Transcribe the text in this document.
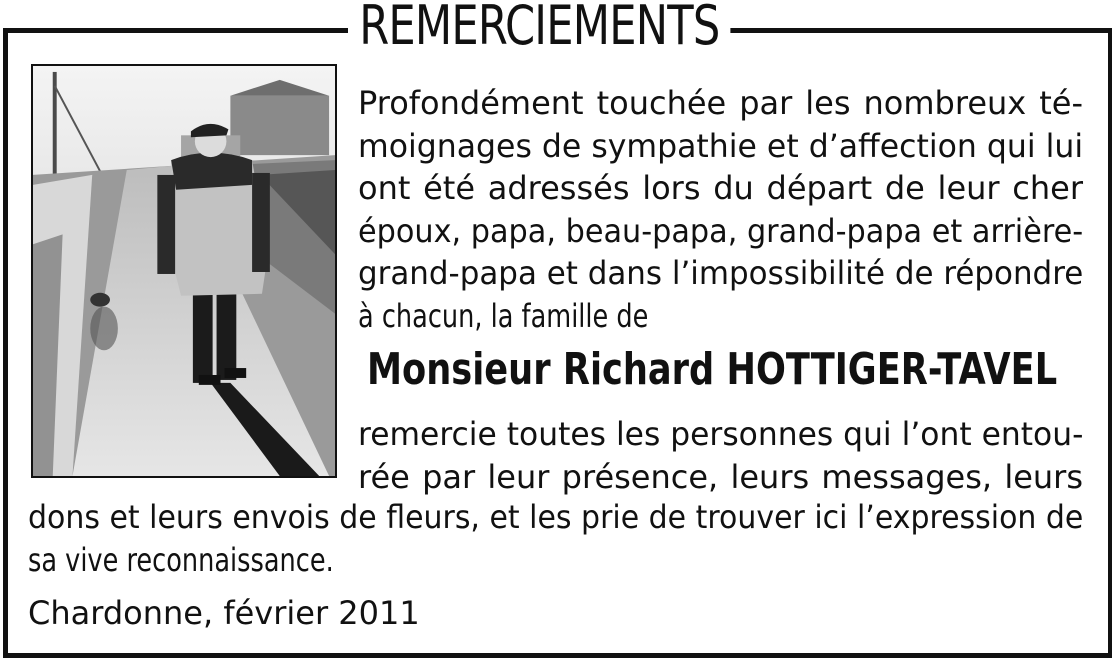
REMERCIEMENTS
Profondément touchée par les nombreux té-
moignages de sympathie et d’affection qui lui
ont été adressés lors du départ de leur cher
époux, papa, beau-papa, grand-papa et arrière-
grand-papa et dans l’impossibilité de répondre
à chacun, la famille de
Monsieur Richard HOTTIGER-TAVEL
remercie toutes les personnes qui l’ont entou-
rée par leur présence, leurs messages, leurs
dons et leurs envois de fleurs, et les prie de trouver ici l’expression de
sa vive reconnaissance.
Chardonne, février 2011
